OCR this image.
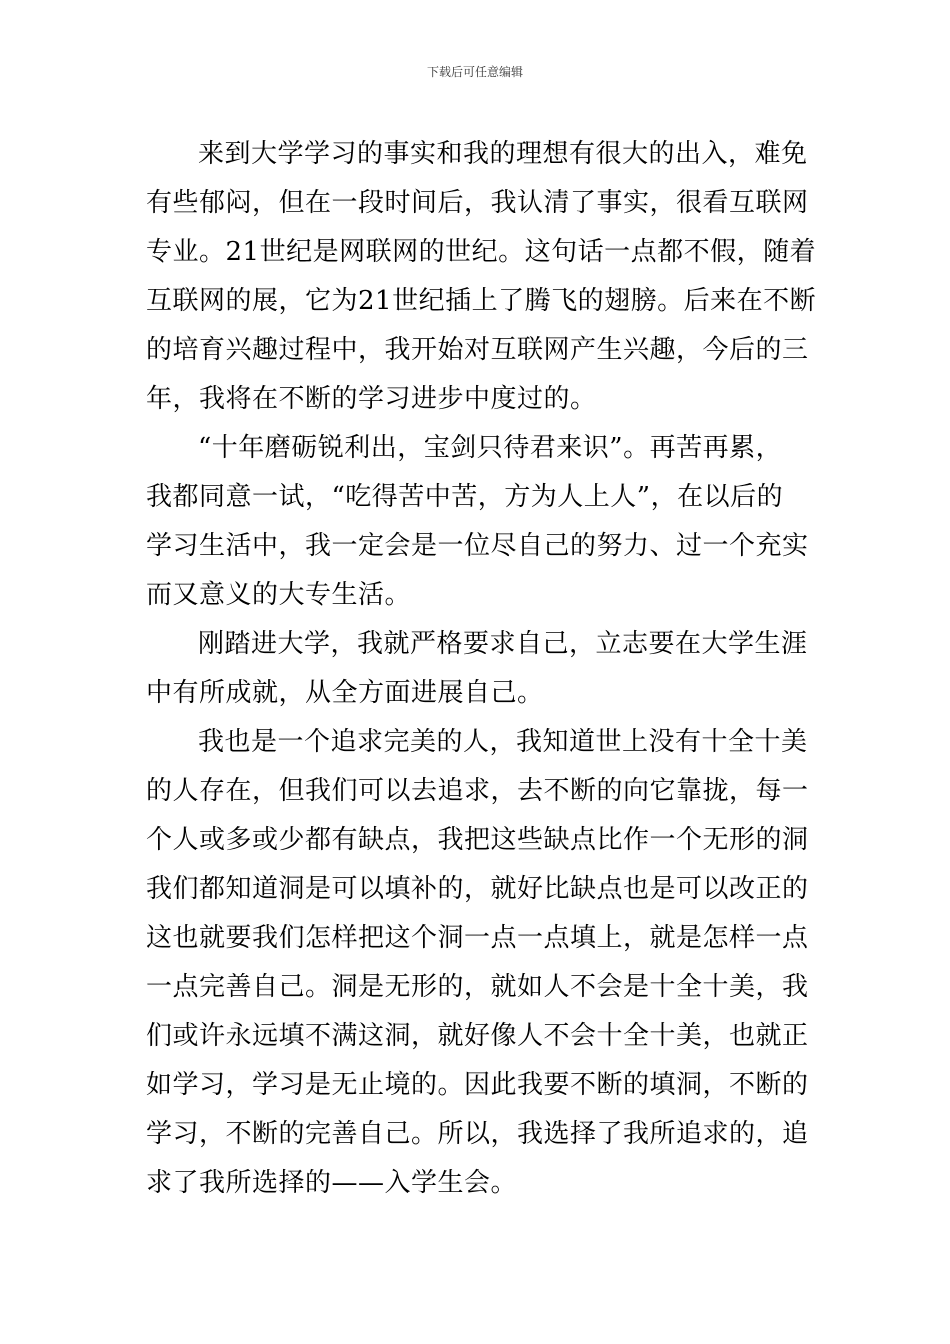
下载后可任意编辑
来到大学学习的事实和我的理想有很大的出入，难免
有些郁闷，但在一段时间后，我认清了事实，很看互联网
专业。21世纪是网联网的世纪。这句话一点都不假，随着
互联网的展，它为21世纪插上了腾飞的翅膀。后来在不断
的培育兴趣过程中，我开始对互联网产生兴趣，今后的三
年，我将在不断的学习进步中度过的。
“十年磨砺锐利出，宝剑只待君来识”。再苦再累，
我都同意一试，“吃得苦中苦，方为人上人”，在以后的
学习生活中，我一定会是一位尽自己的努力、过一个充实
而又意义的大专生活。
刚踏进大学，我就严格要求自己，立志要在大学生涯
中有所成就，从全方面进展自己。
我也是一个追求完美的人，我知道世上没有十全十美
的人存在，但我们可以去追求，去不断的向它靠拢，每一
个人或多或少都有缺点，我把这些缺点比作一个无形的洞
我们都知道洞是可以填补的，就好比缺点也是可以改正的
这也就要我们怎样把这个洞一点一点填上，就是怎样一点
一点完善自己。洞是无形的，就如人不会是十全十美，我
们或许永远填不满这洞，就好像人不会十全十美，也就正
如学习，学习是无止境的。因此我要不断的填洞，不断的
学习，不断的完善自己。所以，我选择了我所追求的，追
求了我所选择的——入学生会。
